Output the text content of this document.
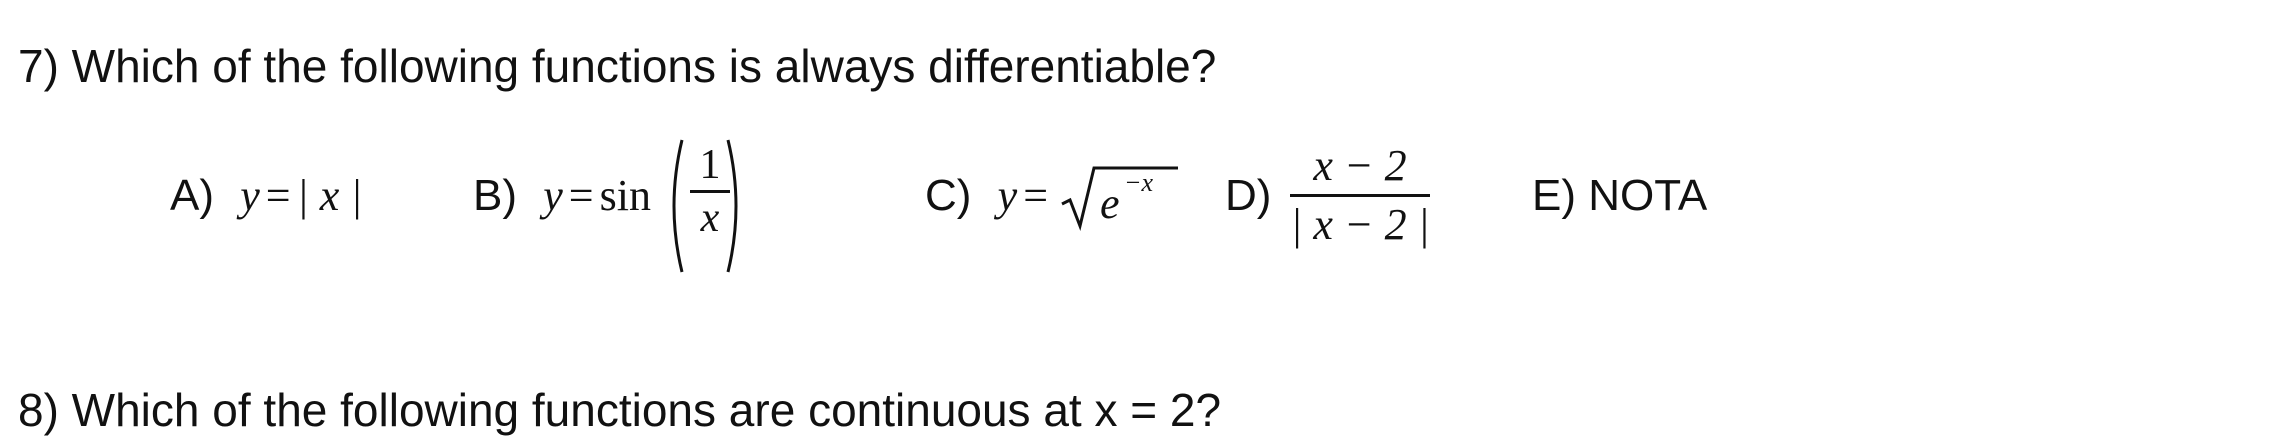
7) Which of the following functions is always differentiable?
A) y = | x |	B) y = sin
1
x	C) y = e −x D)
x − 2
| x − 2 |
E) NOTA
8) Which of the following functions are continuous at x = 2?
